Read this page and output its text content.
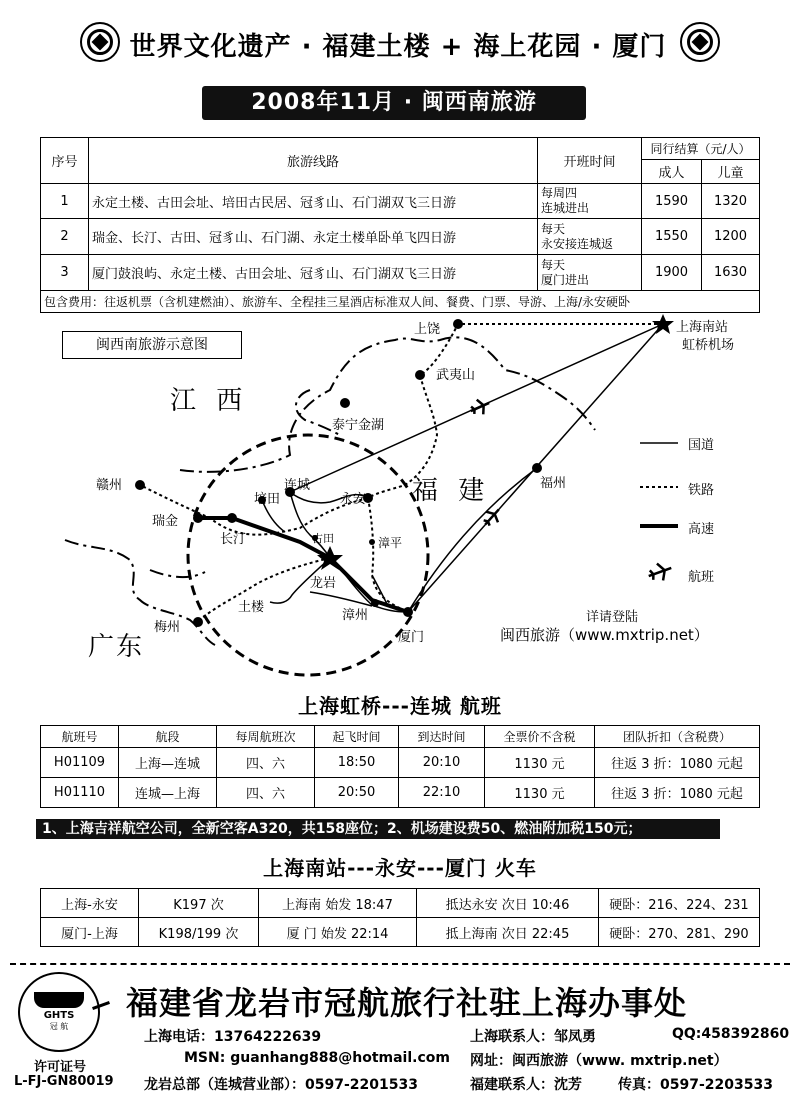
世界文化遗产 · 福建土楼 + 海上花园 · 厦门
2008年11月 · 闽西南旅游
序号	旅游线路	开班时间	同行结算（元/人）	
			成人	儿童
1	永定土楼、古田会址、培田古民居、冠豸山、石门湖双飞三日游	每周四
连城进出	1590	1320
2	瑞金、长汀、古田、冠豸山、石门湖、永定土楼单卧单飞四日游	每天
永安接连城返	1550	1200
3	厦门鼓浪屿、永定土楼、古田会址、冠豸山、石门湖双飞三日游	每天
厦门进出	1900	1630
包含费用：往返机票（含机建燃油）、旅游车、全程挂三星酒店标准双人间、餐费、门票、导游、上海/永安硬卧				
闽西南旅游示意图
江 西
福 建
广东
上饶	上海南站
虹桥机场
武夷山
泰宁金湖
赣州
瑞金
长汀
培田
连城
永安
古田	漳平
龙岩
土楼
梅州
漳州
厦门
福州
国道
铁路
高速
航班
详请登陆
闽西旅游（www.mxtrip.net）
上海虹桥---连城 航班
航班号	航段	每周航班次	起飞时间	到达时间	全票价不含税	团队折扣（含税费）
H01109	上海—连城	四、六	18:50	20:10	1130 元	往返 3 折：1080 元起
H01110	连城—上海	四、六	20:50	22:10	1130 元	往返 3 折：1080 元起
1、上海吉祥航空公司，全新空客A320，共158座位；2、机场建设费50、燃油附加税150元；
上海南站---永安---厦门 火车
上海-永安	K197 次	上海南 始发 18:47	抵达永安 次日 10:46	硬卧：216、224、231
厦门-上海	K198/199 次	厦 门 始发 22:14	抵上海南 次日 22:45	硬卧：270、281、290
GHTS
冠 航
许可证号
L-FJ-GN80019
福建省龙岩市冠航旅行社驻上海办事处
上海电话：13764222639	上海联系人：邹凤勇	QQ:458392860
MSN: guanhang888@hotmail.com 网址：闽西旅游（www. mxtrip.net）
龙岩总部（连城营业部）：0597-2201533	福建联系人：沈芳	传真：0597-2203533
